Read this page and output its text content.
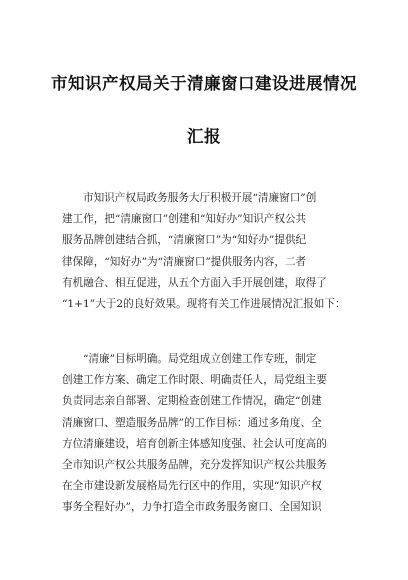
市知识产权局关于清廉窗口建设进展情况
汇报
市知识产权局政务服务大厅积极开展“清廉窗口”创
建工作，把“清廉窗口”创建和“知好办”知识产权公共
服务品牌创建结合抓，“清廉窗口”为“知好办”提供纪
律保障，“知好办”为“清廉窗口”提供服务内容，二者
有机融合、相互促进，从五个方面入手开展创建，取得了
“1+1”大于2的良好效果。现将有关工作进展情况汇报如下：
“清廉”目标明确。局党组成立创建工作专班，制定
创建工作方案、确定工作时限、明确责任人，局党组主要
负责同志亲自部署、定期检查创建工作情况，确定“创建
清廉窗口、塑造服务品牌”的工作目标：通过多角度、全
方位清廉建设，培育创新主体感知度强、社会认可度高的
全市知识产权公共服务品牌，充分发挥知识产权公共服务
在全市建设新发展格局先行区中的作用，实现“知识产权
事务全程好办”，力争打造全市政务服务窗口、全国知识
